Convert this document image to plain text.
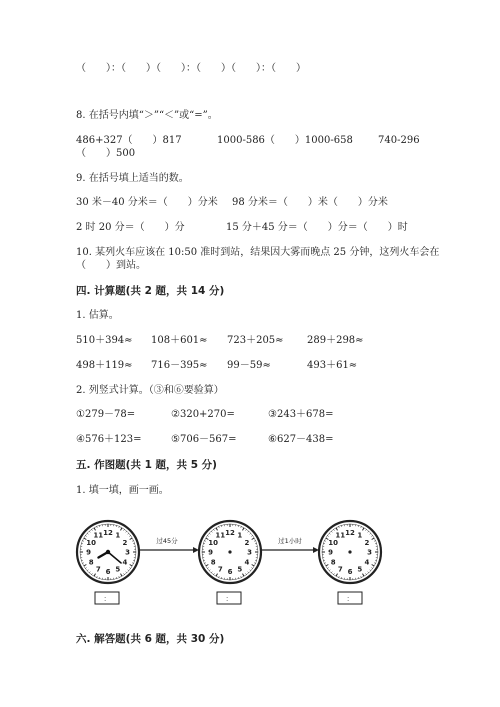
（　　）：（　　）（　　）：（　　）（　　）：（　　）
8. 在括号内填“＞”“＜”或“=”。
486+327（　　）817	1000-586（　　）1000-658	740-296
（　　）500
9. 在括号填上适当的数。
30 米－40 分米＝（　　）分米 98 分米＝（　　）米（　　）分米
2 时 20 分＝（　　）分	15 分＋45 分＝（　　）分＝（　　）时
10. 某列火车应该在 10:50 准时到站，结果因大雾而晚点 25 分钟，这列火车会在
（　　）到站。
四. 计算题(共 2 题，共 14 分)
1. 估算。
510＋394≈ 108＋601≈ 723＋205≈ 289＋298≈
498＋119≈ 716－395≈ 99－59≈	493＋61≈
2. 列竖式计算。（③和⑥要验算）
①279－78=	②320+270=	③243＋678=
④576＋123=	⑤706－567=	⑥627－438=
五. 作图题(共 1 题，共 5 分)
1. 填一填，画一画。
12 1
2
3
4
5
6
7
8
9
10
11	12 1
2
3
4
5
6
7
8
9
10
11	12 1
2
3
4
5
6
7
8
9
10
11
过45分	过1小时
：	：	：
六. 解答题(共 6 题，共 30 分)
